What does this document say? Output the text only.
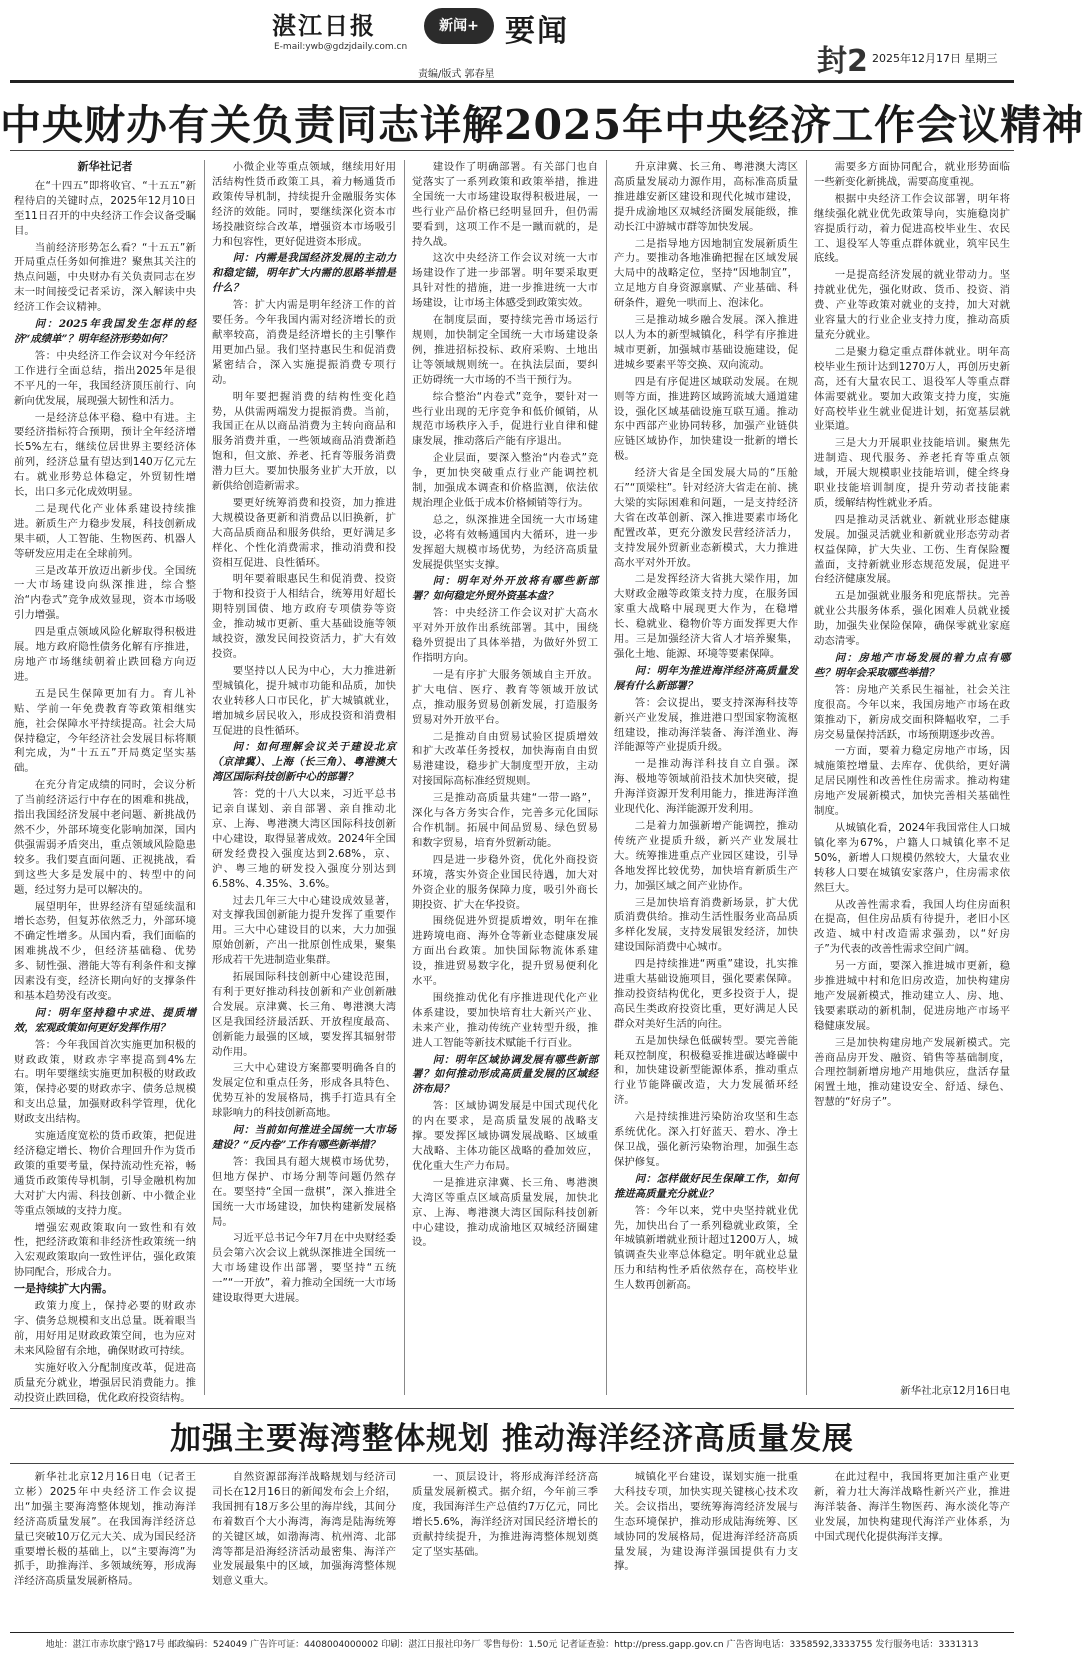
湛江日报
E-mail:ywb@gdzjdaily.com.cn
新闻+ 要闻
责编/版式 郭春星	封2 2025年12月17日 星期三
中央财办有关负责同志详解2025年中央经济工作会议精神

新华社记者

在“十四五”即将收官、“十五五”新程待启的关键时点，2025年12月10日至11日召开的中央经济工作会议备受瞩目。

当前经济形势怎么看？“十五五”新开局重点任务如何推进？聚焦其关注的热点问题，中央财办有关负责同志在岁末一时间接受记者采访，深入解读中央经济工作会议精神。

问：2025年我国发生怎样的经济“成绩单”？明年经济形势如何？

答：中央经济工作会议对今年经济工作进行全面总结，指出2025年是很不平凡的一年，我国经济顶压前行、向新向优发展，展现强大韧性和活力。

一是经济总体平稳、稳中有进。主要经济指标符合预期，预计全年经济增长5%左右，继续位居世界主要经济体前列，经济总量有望达到140万亿元左右。就业形势总体稳定，外贸韧性增长，出口多元化成效明显。

二是现代化产业体系建设持续推进。新质生产力稳步发展，科技创新成果丰硕，人工智能、生物医药、机器人等研发应用走在全球前列。

三是改革开放迈出新步伐。全国统一大市场建设向纵深推进，综合整治“内卷式”竞争成效显现，资本市场吸引力增强。

四是重点领域风险化解取得积极进展。地方政府隐性债务化解有序推进，房地产市场继续朝着止跌回稳方向迈进。

五是民生保障更加有力。育儿补贴、学前一年免费教育等政策相继实施，社会保障水平持续提高。社会大局保持稳定，今年经济社会发展目标将顺利完成，为“十五五”开局奠定坚实基础。

在充分肯定成绩的同时，会议分析了当前经济运行中存在的困难和挑战，指出我国经济发展中老问题、新挑战仍然不少，外部环境变化影响加深，国内供强需弱矛盾突出，重点领域风险隐患较多。我们要直面问题、正视挑战，看到这些大多是发展中的、转型中的问题，经过努力是可以解决的。

展望明年，世界经济有望延续温和增长态势，但复苏依然乏力，外部环境不确定性增多。从国内看，我们面临的困难挑战不少，但经济基础稳、优势多、韧性强、潜能大等有利条件和支撑因素没有变，经济长期向好的支撑条件和基本趋势没有改变。

问：明年坚持稳中求进、提质增效，宏观政策如何更好发挥作用？

答：今年我国首次实施更加积极的财政政策，财政赤字率提高到4%左右。明年要继续实施更加积极的财政政策，保持必要的财政赤字、债务总规模和支出总量，加强财政科学管理，优化财政支出结构。

实施适度宽松的货币政策，把促进经济稳定增长、物价合理回升作为货币政策的重要考量，保持流动性充裕，畅通货币政策传导机制，引导金融机构加大对扩大内需、科技创新、中小微企业等重点领域的支持力度。

增强宏观政策取向一致性和有效性，把经济政策和非经济性政策统一纳入宏观政策取向一致性评估，强化政策协同配合，形成合力。

一是持续扩大内需。

政策力度上，保持必要的财政赤字、债务总规模和支出总量。既着眼当前，用好用足财政政策空间，也为应对未来风险留有余地，确保财政可持续。

实施好收入分配制度改革，促进高质量充分就业，增强居民消费能力。推动投资止跌回稳，优化政府投资结构。

小微企业等重点领域，继续用好用活结构性货币政策工具，着力畅通货币政策传导机制，持续提升金融服务实体经济的效能。同时，要继续深化资本市场投融资综合改革，增强资本市场吸引力和包容性，更好促进资本形成。

问：内需是我国经济发展的主动力和稳定锚，明年扩大内需的思路举措是什么？

答：扩大内需是明年经济工作的首要任务。今年我国内需对经济增长的贡献率较高，消费是经济增长的主引擎作用更加凸显。我们坚持惠民生和促消费紧密结合，深入实施提振消费专项行动。

明年要把握消费的结构性变化趋势，从供需两端发力提振消费。当前，我国正在从以商品消费为主转向商品和服务消费并重，一些领域商品消费渐趋饱和，但文旅、养老、托育等服务消费潜力巨大。要加快服务业扩大开放，以新供给创造新需求。

要更好统筹消费和投资，加力推进大规模设备更新和消费品以旧换新，扩大高品质商品和服务供给，更好满足多样化、个性化消费需求，推动消费和投资相互促进、良性循环。

明年要着眼惠民生和促消费、投资于物和投资于人相结合，统筹用好超长期特别国债、地方政府专项债券等资金，推动城市更新、重大基础设施等领域投资，激发民间投资活力，扩大有效投资。

要坚持以人民为中心，大力推进新型城镇化，提升城市功能和品质，加快农业转移人口市民化，扩大城镇就业，增加城乡居民收入，形成投资和消费相互促进的良性循环。

问：如何理解会议关于建设北京（京津冀）、上海（长三角）、粤港澳大湾区国际科技创新中心的部署？

答：党的十八大以来，习近平总书记亲自谋划、亲自部署、亲自推动北京、上海、粤港澳大湾区国际科技创新中心建设，取得显著成效。2024年全国研发经费投入强度达到2.68%，京、沪、粤三地的研发投入强度分别达到6.58%、4.35%、3.6%。

过去几年三大中心建设成效显著，对支撑我国创新能力提升发挥了重要作用。三大中心建设目的以来，大力加强原始创新，产出一批原创性成果，聚集形成若干先进制造业集群。

拓展国际科技创新中心建设范围，有利于更好推动科技创新和产业创新融合发展。京津冀、长三角、粤港澳大湾区是我国经济最活跃、开放程度最高、创新能力最强的区域，要发挥其辐射带动作用。

三大中心建设方案都要明确各自的发展定位和重点任务，形成各具特色、优势互补的发展格局，携手打造具有全球影响力的科技创新高地。

问：当前如何推进全国统一大市场建设？“反内卷”工作有哪些新举措？

答：我国具有超大规模市场优势，但地方保护、市场分割等问题仍然存在。要坚持“全国一盘棋”，深入推进全国统一大市场建设，加快构建新发展格局。

习近平总书记今年7月在中央财经委员会第六次会议上就纵深推进全国统一大市场建设作出部署，要坚持“五统一”“一开放”，着力推动全国统一大市场建设取得更大进展。

建设作了明确部署。有关部门也自觉落实了一系列政策和政策举措，推进全国统一大市场建设取得积极进展，一些行业产品价格已经明显回升，但仍需要看到，这项工作不是一蹴而就的，是持久战。

这次中央经济工作会议对统一大市场建设作了进一步部署。明年要采取更具针对性的措施，进一步推进统一大市场建设，让市场主体感受到政策实效。

在制度层面，要持续完善市场运行规则，加快制定全国统一大市场建设条例，推进招标投标、政府采购、土地出让等领域规则统一。在执法层面，要纠正妨碍统一大市场的不当干预行为。

综合整治“内卷式”竞争，要针对一些行业出现的无序竞争和低价倾销，从规范市场秩序入手，促进行业自律和健康发展，推动落后产能有序退出。

企业层面，要深入整治“内卷式”竞争，更加快突破重点行业产能调控机制，加强成本调查和价格监测，依法依规治理企业低于成本价格倾销等行为。

总之，纵深推进全国统一大市场建设，必将有效畅通国内大循环，进一步发挥超大规模市场优势，为经济高质量发展提供坚实支撑。

问：明年对外开放将有哪些新部署？如何稳定外贸外资基本盘？

答：中央经济工作会议对扩大高水平对外开放作出系统部署。其中，围绕稳外贸提出了具体举措，为做好外贸工作指明方向。

一是有序扩大服务领域自主开放。扩大电信、医疗、教育等领域开放试点，推动服务贸易创新发展，打造服务贸易对外开放平台。

二是推动自由贸易试验区提质增效和扩大改革任务授权，加快海南自由贸易港建设，稳步扩大制度型开放，主动对接国际高标准经贸规则。

三是推动高质量共建“一带一路”，深化与各方务实合作，完善多元化国际合作机制。拓展中间品贸易、绿色贸易和数字贸易，培育外贸新动能。

四是进一步稳外资，优化外商投资环境，落实外资企业国民待遇，加大对外资企业的服务保障力度，吸引外商长期投资、扩大在华投资。

围绕促进外贸提质增效，明年在推进跨境电商、海外仓等新业态健康发展方面出台政策。加快国际物流体系建设，推进贸易数字化，提升贸易便利化水平。

围绕推动优化有序推进现代化产业体系建设，要加快培育壮大新兴产业、未来产业，推动传统产业转型升级，推进人工智能等新技术赋能千行百业。

问：明年区域协调发展有哪些新部署？如何推动形成高质量发展的区域经济布局？

答：区域协调发展是中国式现代化的内在要求，是高质量发展的战略支撑。要发挥区域协调发展战略、区域重大战略、主体功能区战略的叠加效应，优化重大生产力布局。

一是推进京津冀、长三角、粤港澳大湾区等重点区域高质量发展，加快北京、上海、粤港澳大湾区国际科技创新中心建设，推动成渝地区双城经济圈建设。

升京津冀、长三角、粤港澳大湾区高质量发展动力源作用，高标准高质量推进雄安新区建设和现代化城市建设，提升成渝地区双城经济圈发展能级，推动长江中游城市群等加快发展。

二是指导地方因地制宜发展新质生产力。要推动各地准确把握在区域发展大局中的战略定位，坚持“因地制宜”，立足地方自身资源禀赋、产业基础、科研条件，避免一哄而上、泡沫化。

三是推动城乡融合发展。深入推进以人为本的新型城镇化，科学有序推进城市更新，加强城市基础设施建设，促进城乡要素平等交换、双向流动。

四是有序促进区域联动发展。在规则等方面，推进跨区域跨流域大通道建设，强化区域基础设施互联互通。推动东中西部产业协同转移，加强产业链供应链区域协作，加快建设一批新的增长极。

经济大省是全国发展大局的“压舱石”“顶梁柱”。针对经济大省走在前、挑大梁的实际困难和问题，一是支持经济大省在改革创新、深入推进要素市场化配置改革，更充分激发民营经济活力，支持发展外贸新业态新模式，大力推进高水平对外开放。

二是发挥经济大省挑大梁作用，加大财政金融等政策支持力度，在服务国家重大战略中展现更大作为，在稳增长、稳就业、稳物价等方面发挥更大作用。三是加强经济大省人才培养聚集，强化土地、能源、环境等要素保障。

问：明年为推进海洋经济高质量发展有什么新部署？

答：会议提出，要支持深海科技等新兴产业发展，推进港口型国家物流枢纽建设，推动海洋装备、海洋渔业、海洋能源等产业提质升级。

一是推动海洋科技自立自强。深海、极地等领域前沿技术加快突破，提升海洋资源开发利用能力，推进海洋渔业现代化、海洋能源开发利用。

二是着力加强新增产能调控，推动传统产业提质升级，新兴产业发展壮大。统筹推进重点产业园区建设，引导各地发挥比较优势，加快培育新质生产力，加强区域之间产业协作。

三是加快培育消费新场景，扩大优质消费供给。推动生活性服务业高品质多样化发展，支持发展银发经济，加快建设国际消费中心城市。

四是持续推进“两重”建设，扎实推进重大基础设施项目，强化要素保障。推动投资结构优化，更多投资于人，提高民生类政府投资比重，更好满足人民群众对美好生活的向往。

五是加快绿色低碳转型。要完善能耗双控制度，积极稳妥推进碳达峰碳中和，加快建设新型能源体系，推动重点行业节能降碳改造，大力发展循环经济。

六是持续推进污染防治攻坚和生态系统优化。深入打好蓝天、碧水、净土保卫战，强化新污染物治理，加强生态保护修复。

问：怎样做好民生保障工作，如何推进高质量充分就业？

答：今年以来，党中央坚持就业优先，加快出台了一系列稳就业政策，全年城镇新增就业预计超过1200万人，城镇调查失业率总体稳定。明年就业总量压力和结构性矛盾依然存在，高校毕业生人数再创新高。

需要多方面协同配合，就业形势面临一些新变化新挑战，需要高度重视。

根据中央经济工作会议部署，明年将继续强化就业优先政策导向，实施稳岗扩容提质行动，着力促进高校毕业生、农民工、退役军人等重点群体就业，筑牢民生底线。

一是提高经济发展的就业带动力。坚持就业优先，强化财政、货币、投资、消费、产业等政策对就业的支持，加大对就业容量大的行业企业支持力度，推动高质量充分就业。

二是聚力稳定重点群体就业。明年高校毕业生预计达到1270万人，再创历史新高，还有大量农民工、退役军人等重点群体需要就业。要加大政策支持力度，实施好高校毕业生就业促进计划，拓宽基层就业渠道。

三是大力开展职业技能培训。聚焦先进制造、现代服务、养老托育等重点领域，开展大规模职业技能培训，健全终身职业技能培训制度，提升劳动者技能素质，缓解结构性就业矛盾。

四是推动灵活就业、新就业形态健康发展。加强灵活就业和新就业形态劳动者权益保障，扩大失业、工伤、生育保险覆盖面，支持新就业形态规范发展，促进平台经济健康发展。

五是加强就业服务和兜底帮扶。完善就业公共服务体系，强化困难人员就业援助，加强失业保险保障，确保零就业家庭动态清零。

问：房地产市场发展的着力点有哪些？明年会采取哪些举措？

答：房地产关系民生福祉，社会关注度很高。今年以来，我国房地产市场在政策推动下，新房成交面积降幅收窄，二手房交易量保持活跃，市场预期逐步改善。

一方面，要着力稳定房地产市场，因城施策控增量、去库存、优供给，更好满足居民刚性和改善性住房需求。推动构建房地产发展新模式，加快完善相关基础性制度。

从城镇化看，2024年我国常住人口城镇化率为67%，户籍人口城镇化率不足50%，新增人口规模仍然较大，大量农业转移人口要在城镇安家落户，住房需求依然巨大。

从改善性需求看，我国人均住房面积在提高，但住房品质有待提升，老旧小区改造、城中村改造需求强劲，以“好房子”为代表的改善性需求空间广阔。

另一方面，要深入推进城市更新，稳步推进城中村和危旧房改造，加快构建房地产发展新模式，推动建立人、房、地、钱要素联动的新机制，促进房地产市场平稳健康发展。

三是加快构建房地产发展新模式。完善商品房开发、融资、销售等基础制度，合理控制新增房地产用地供应，盘活存量闲置土地，推动建设安全、舒适、绿色、智慧的“好房子”。

新华社北京12月16日电
加强主要海湾整体规划 推动海洋经济高质量发展

新华社北京12月16日电（记者王立彬）2025年中央经济工作会议提出“加强主要海湾整体规划，推动海洋经济高质量发展”。在我国海洋经济总量已突破10万亿元大关、成为国民经济重要增长极的基础上，以“主要海湾”为抓手，助推海洋、多领域统筹，形成海洋经济高质量发展新格局。

自然资源部海洋战略规划与经济司司长在12月16日的新闻发布会上介绍，我国拥有18万多公里的海岸线，其间分布着数百个大小海湾，海湾是陆海统筹的关键区域，如渤海湾、杭州湾、北部湾等都是沿海经济活动最密集、海洋产业发展最集中的区域，加强海湾整体规划意义重大。

一、顶层设计，将形成海洋经济高质量发展新模式。据介绍，今年前三季度，我国海洋生产总值约7万亿元，同比增长5.6%，海洋经济对国民经济增长的贡献持续提升，为推进海湾整体规划奠定了坚实基础。

城镇化平台建设，谋划实施一批重大科技专项，加快实现关键核心技术攻关。会议指出，要统筹海湾经济发展与生态环境保护，推动形成陆海统筹、区域协同的发展格局，促进海洋经济高质量发展，为建设海洋强国提供有力支撑。

在此过程中，我国将更加注重产业更新，着力壮大海洋战略性新兴产业，推进海洋装备、海洋生物医药、海水淡化等产业发展，加快构建现代海洋产业体系，为中国式现代化提供海洋支撑。

地址：湛江市赤坎康宁路17号 邮政编码：524049 广告许可证：4408004000002 印刷：湛江日报社印务厂 零售每份：1.50元 记者证查验：http://press.gapp.gov.cn 广告咨询电话：3358592,3333755 发行服务电话：3331313
